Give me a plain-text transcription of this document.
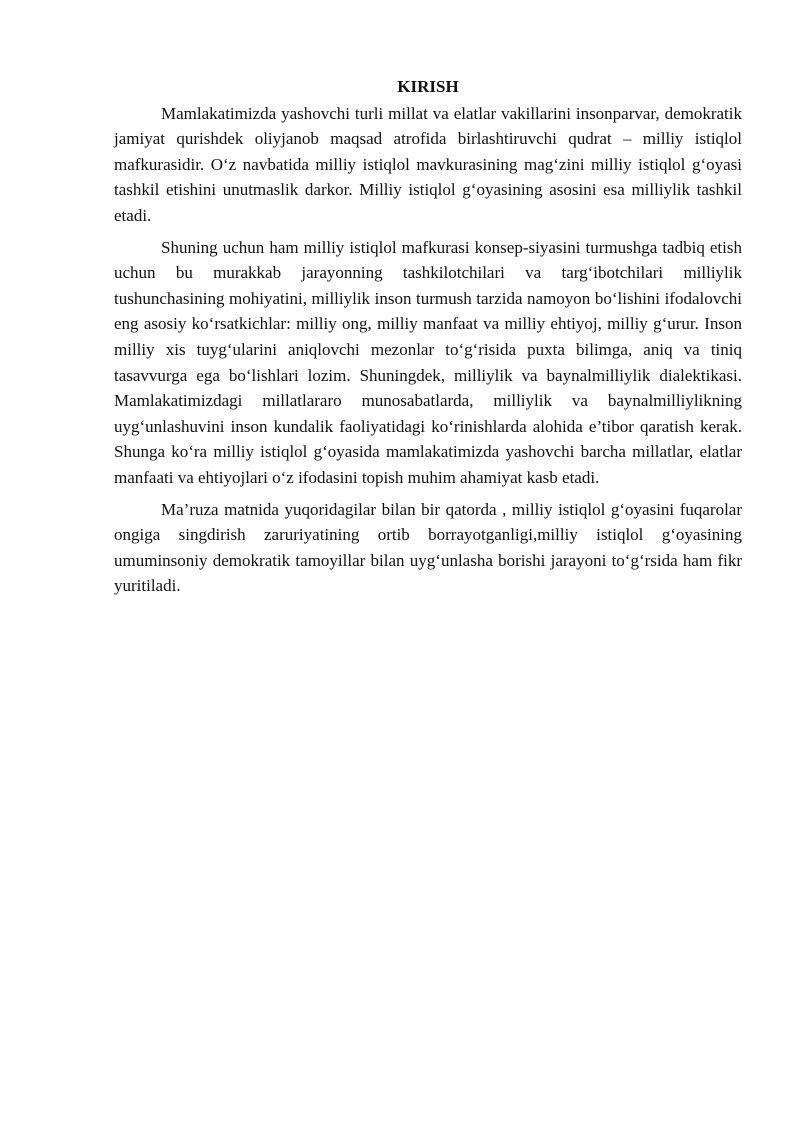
KIRISH

Mamlakatimizda yashovchi turli millat va elatlar vakillarini insonparvar, demokratik jamiyat qurishdek oliyjanob maqsad atrofida birlashtiruvchi qudrat – milliy istiqlol mafkurasidir. O‘z navbatida milliy istiqlol mavkurasining mag‘zini milliy istiqlol g‘oyasi tashkil etishini unutmaslik darkor. Milliy istiqlol g‘oyasining asosini esa milliylik tashkil etadi.

Shuning uchun ham milliy istiqlol mafkurasi konsep-siyasini turmushga tadbiq etish uchun bu murakkab jarayonning tashkilotchilari va targ‘ibotchilari milliylik tushunchasining mohiyatini, milliylik inson turmush tarzida namoyon bo‘lishini ifodalovchi eng asosiy ko‘rsatkichlar: milliy ong, milliy manfaat va milliy ehtiyoj, milliy g‘urur. Inson milliy xis tuyg‘ularini aniqlovchi mezonlar to‘g‘risida puxta bilimga, aniq va tiniq tasavvurga ega bo‘lishlari lozim. Shuningdek, milliylik va baynalmilliylik dialektikasi. Mamlakatimizdagi millatlararo munosabatlarda, milliylik va baynalmilliylikning uyg‘unlashuvini inson kundalik faoliyatidagi ko‘rinishlarda alohida e’tibor qaratish kerak. Shunga ko‘ra milliy istiqlol g‘oyasida mamlakatimizda yashovchi barcha millatlar, elatlar manfaati va ehtiyojlari o‘z ifodasini topish muhim ahamiyat kasb etadi.

Ma’ruza matnida yuqoridagilar bilan bir qatorda , milliy istiqlol g‘oyasini fuqarolar ongiga singdirish zaruriyatining ortib borrayotganligi,milliy istiqlol g‘oyasining umuminsoniy demokratik tamoyillar bilan uyg‘unlasha borishi jarayoni to‘g‘rsida ham fikr yuritiladi.
